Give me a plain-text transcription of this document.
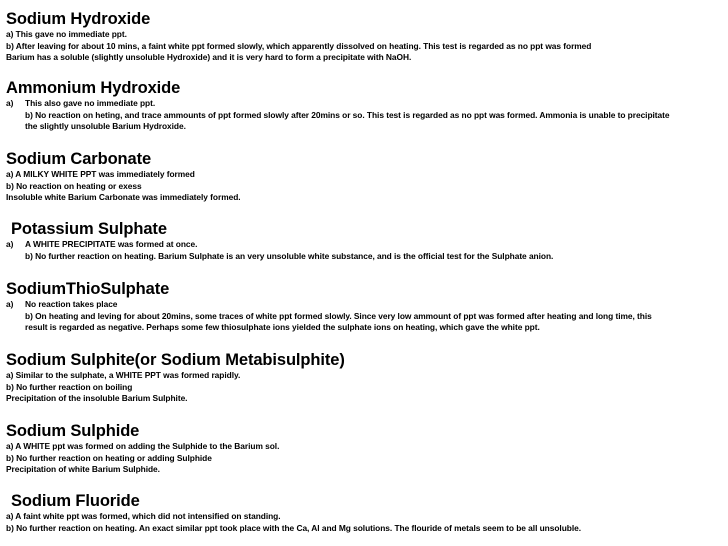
Sodium Hydroxide
a) This gave no immediate ppt.
b) After leaving for about 10 mins, a faint white ppt formed slowly, which apparently dissolved on heating. This test is regarded as no ppt was formed
Barium has a soluble (slightly unsoluble Hydroxide) and it is very hard to form a precipitate with NaOH.
Ammonium Hydroxide
a) This also gave no immediate ppt.
b) No reaction on heting, and trace ammounts of ppt formed slowly after 20mins or so. This test is regarded as no ppt was formed. Ammonia is unable to precipitate
the slightly unsoluble Barium Hydroxide.
Sodium Carbonate
a) A MILKY WHITE PPT was immediately formed
b) No reaction on heating or exess
Insoluble white Barium Carbonate was immediately formed.
Potassium Sulphate
a) A WHITE PRECIPITATE was formed at once.
b) No further reaction on heating. Barium Sulphate is an very unsoluble white substance, and is the official test for the Sulphate anion.
SodiumThioSulphate
a) No reaction takes place
b) On heating and leving for about 20mins, some traces of white ppt formed slowly. Since very low ammount of ppt was formed after heating and long time, this
result is regarded as negative. Perhaps some few thiosulphate ions yielded the sulphate ions on heating, which gave the white ppt.
Sodium Sulphite(or Sodium Metabisulphite)
a) Similar to the sulphate, a WHITE PPT was formed rapidly.
b) No further reaction on boiling
Precipitation of the insoluble Barium Sulphite.
Sodium Sulphide
a) A WHITE ppt was formed on adding the Sulphide to the Barium sol.
b) No further reaction on heating or adding Sulphide
Precipitation of white Barium Sulphide.
Sodium Fluoride
a) A faint white ppt was formed, which did not intensified on standing.
b) No further reaction on heating. An exact similar ppt took place with the Ca, Al and Mg solutions. The flouride of metals seem to be all unsoluble.
